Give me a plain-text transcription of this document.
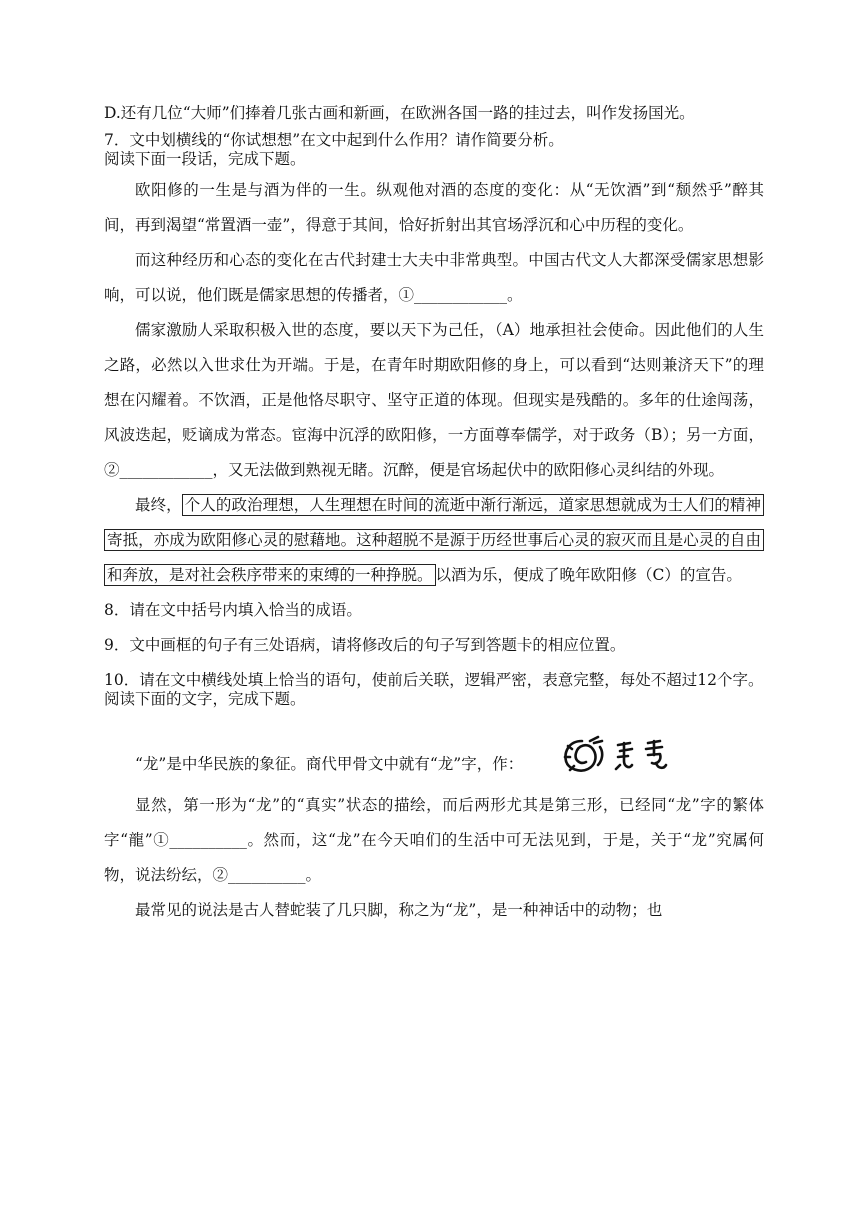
D.还有几位“大师”们捧着几张古画和新画，在欧洲各国一路的挂过去，叫作发扬国光。

7．文中划横线的“你试想想”在文中起到什么作用？请作简要分析。

阅读下面一段话，完成下题。

欧阳修的一生是与酒为伴的一生。纵观他对酒的态度的变化：从“无饮酒”到“颓然乎”醉其间，再到渴望“常置酒一壶”，得意于其间，恰好折射出其官场浮沉和心中历程的变化。

而这种经历和心态的变化在古代封建士大夫中非常典型。中国古代文人大都深受儒家思想影响，可以说，他们既是儒家思想的传播者，①____________。

儒家激励人采取积极入世的态度，要以天下为己任，（A）地承担社会使命。因此他们的人生之路，必然以入世求仕为开端。于是，在青年时期欧阳修的身上，可以看到“达则兼济天下”的理想在闪耀着。不饮酒，正是他恪尽职守、坚守正道的体现。但现实是残酷的。多年的仕途闯荡，风波迭起，贬谪成为常态。宦海中沉浮的欧阳修，一方面尊奉儒学，对于政务（B）；另一方面，②____________，又无法做到熟视无睹。沉醉，便是官场起伏中的欧阳修心灵纠结的外现。

最终， 个人的政治理想，人生理想在时间的流逝中渐行渐远，道家思想就成为士人们的精神寄抵，亦成为欧阳修心灵的慰藉地。这种超脱不是源于历经世事后心灵的寂灭而且是心灵的自由和奔放，是对社会秩序带来的束缚的一种挣脱。 以酒为乐，便成了晚年欧阳修（C）的宣告。

8．请在文中括号内填入恰当的成语。

9．文中画框的句子有三处语病，请将修改后的句子写到答题卡的相应位置。

10．请在文中横线处填上恰当的语句，使前后关联，逻辑严密，表意完整，每处不超过12个字。

阅读下面的文字，完成下题。

“龙”是中华民族的象征。商代甲骨文中就有“龙”字，作：

显然，第一形为“龙”的“真实”状态的描绘，而后两形尤其是第三形，已经同“龙”字的繁体字“龍”①__________。然而，这“龙”在今天咱们的生活中可无法见到，于是，关于“龙”究属何物，说法纷纭，②__________。

最常见的说法是古人替蛇装了几只脚，称之为“龙”，是一种神话中的动物；也
